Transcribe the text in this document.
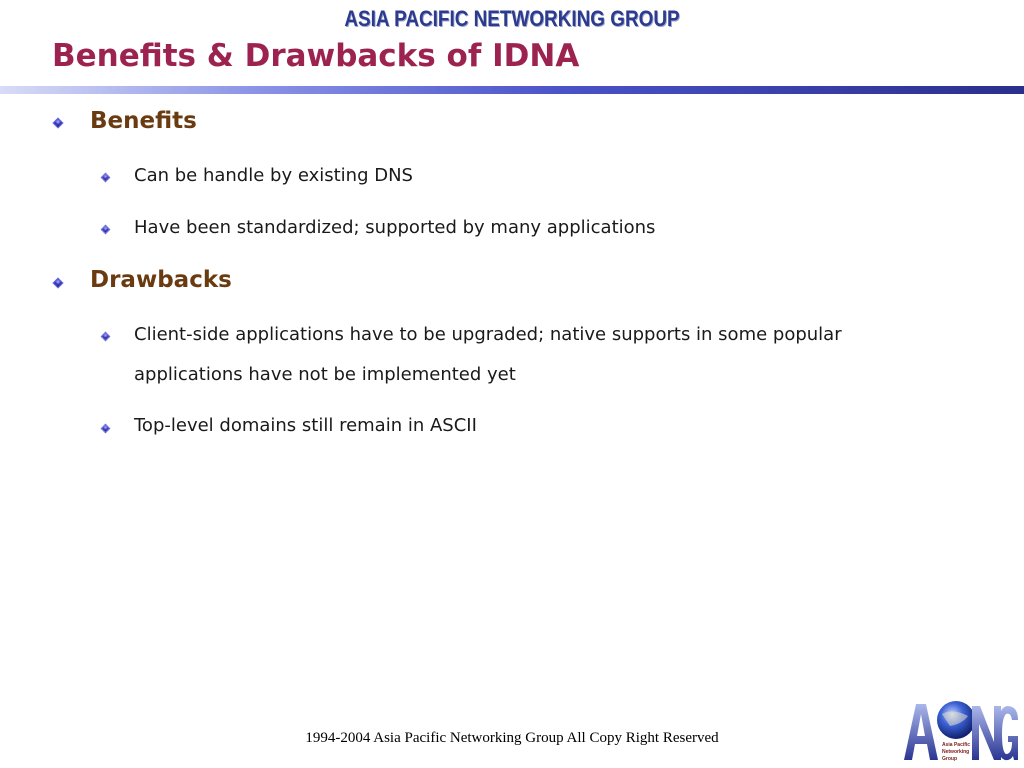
ASIA PACIFIC NETWORKING GROUP
Benefits & Drawbacks of IDNA
Benefits
Can be handle by existing DNS
Have been standardized; supported by many applications
Drawbacks
Client-side applications have to be upgraded; native supports in some popular applications have not be implemented yet
Top-level domains still remain in ASCII
1994-2004 Asia Pacific Networking Group All Copy Right Reserved	Asia Pacific
Networking
Group
